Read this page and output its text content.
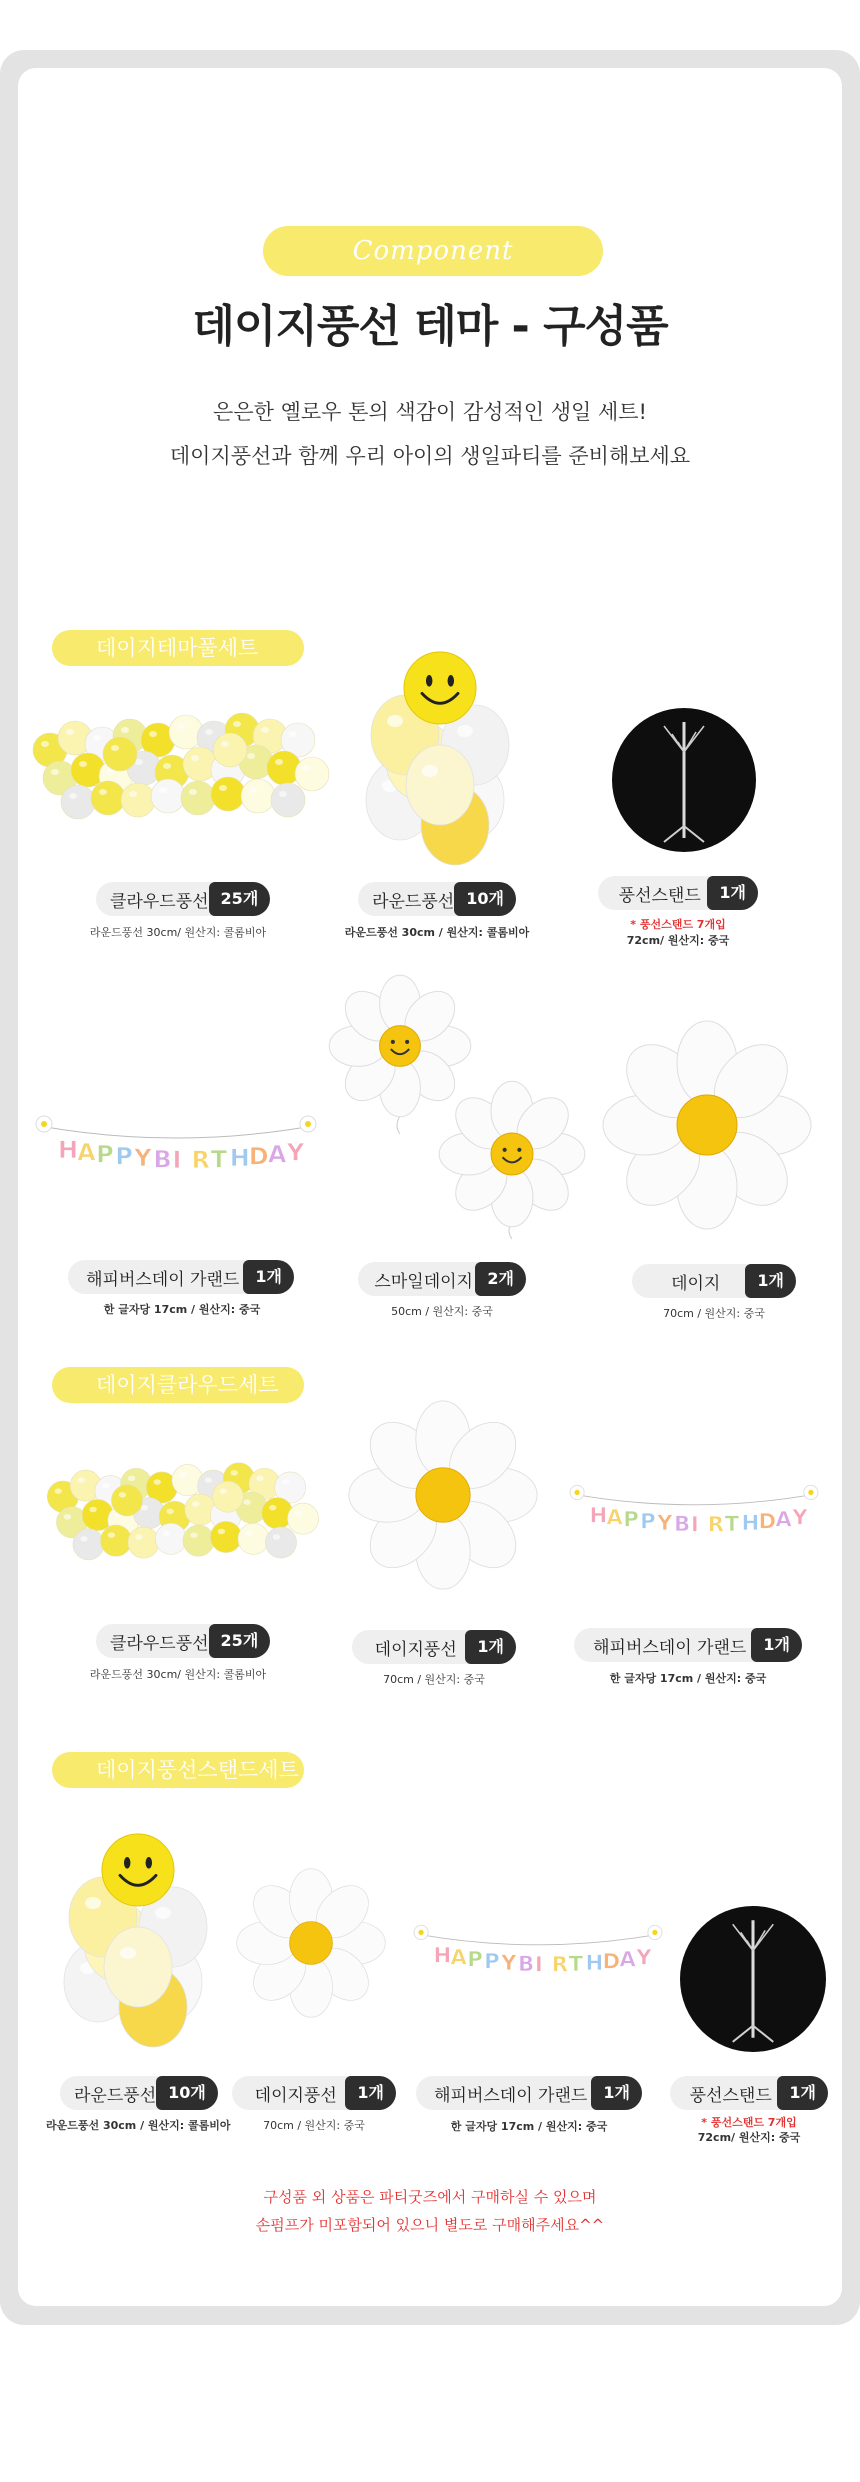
Component
데이지풍선 테마 - 구성품
은은한 옐로우 톤의 색감이 감성적인 생일 세트!
데이지풍선과 함께 우리 아이의 생일파티를 준비해보세요
데이지테마풀세트
클라우드풍선 25개
라운드풍선 30cm/ 원산지: 콜롬비아
라운드풍선 10개
라운드풍선 30cm / 원산지: 콜롬비아
풍선스탠드	1개
* 풍선스탠드 7개입
72cm/ 원산지: 중국
H
A P P Y B I R T H
D A Y
해피버스데이 가랜드	1개
한 글자당 17cm / 원산지: 중국
스마일데이지 2개
50cm / 원산지: 중국
데이지	1개
70cm / 원산지: 중국
데이지클라우드세트
H A P P Y B I R T H D A Y
클라우드풍선 25개
라운드풍선 30cm/ 원산지: 콜롬비아
데이지풍선	1개
70cm / 원산지: 중국
해피버스데이 가랜드	1개
한 글자당 17cm / 원산지: 중국
데이지풍선스탠드세트
H A P P Y B I R T H D A Y
라운드풍선 10개
라운드풍선 30cm / 원산지: 콜롬비아
데이지풍선	1개
70cm / 원산지: 중국
해피버스데이 가랜드	1개
한 글자당 17cm / 원산지: 중국
풍선스탠드	1개
* 풍선스탠드 7개입
72cm/ 원산지: 중국
구성품 외 상품은 파티굿즈에서 구매하실 수 있으며
손펌프가 미포함되어 있으니 별도로 구매해주세요^^
